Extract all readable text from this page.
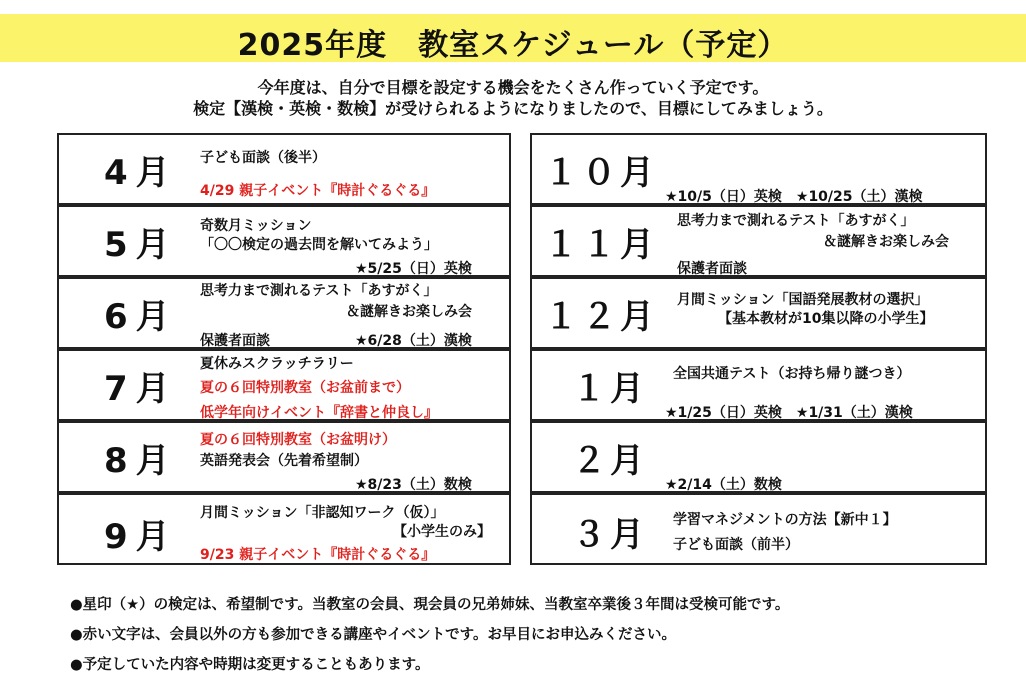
2025年度　教室スケジュール（予定）
今年度は、自分で目標を設定する機会をたくさん作っていく予定です。
検定【漢検・英検・数検】が受けられるようになりましたので、目標にしてみましょう。
4月 子ども面談（後半）
4/29 親子イベント『時計ぐるぐる』
5月 奇数月ミッション
「〇〇検定の過去問を解いてみよう」
★5/25（日）英検
6月
思考力まで測れるテスト「あすがく」
＆謎解きお楽しみ会
保護者面談	★6/28（土）漢検
7月
夏休みスクラッチラリー
夏の６回特別教室（お盆前まで）
低学年向けイベント『辞書と仲良し』
8月
夏の６回特別教室（お盆明け）
英語発表会（先着希望制）
★8/23（土）数検
9月
月間ミッション「非認知ワーク（仮）」
【小学生のみ】
9/23 親子イベント『時計ぐるぐる』
１０月
★10/5（日）英検　★10/25（土）漢検
１１月
思考力まで測れるテスト「あすがく」
＆謎解きお楽しみ会
保護者面談
１２月 月間ミッション「国語発展教材の選択」
【基本教材が10集以降の小学生】
１月 全国共通テスト（お持ち帰り謎つき）
★1/25（日）英検　★1/31（土）漢検
２月
★2/14（土）数検
３月 学習マネジメントの方法【新中１】
子ども面談（前半）
●星印（★）の検定は、希望制です。当教室の会員、現会員の兄弟姉妹、当教室卒業後３年間は受検可能です。
●赤い文字は、会員以外の方も参加できる講座やイベントです。お早目にお申込みください。
●予定していた内容や時期は変更することもあります。
